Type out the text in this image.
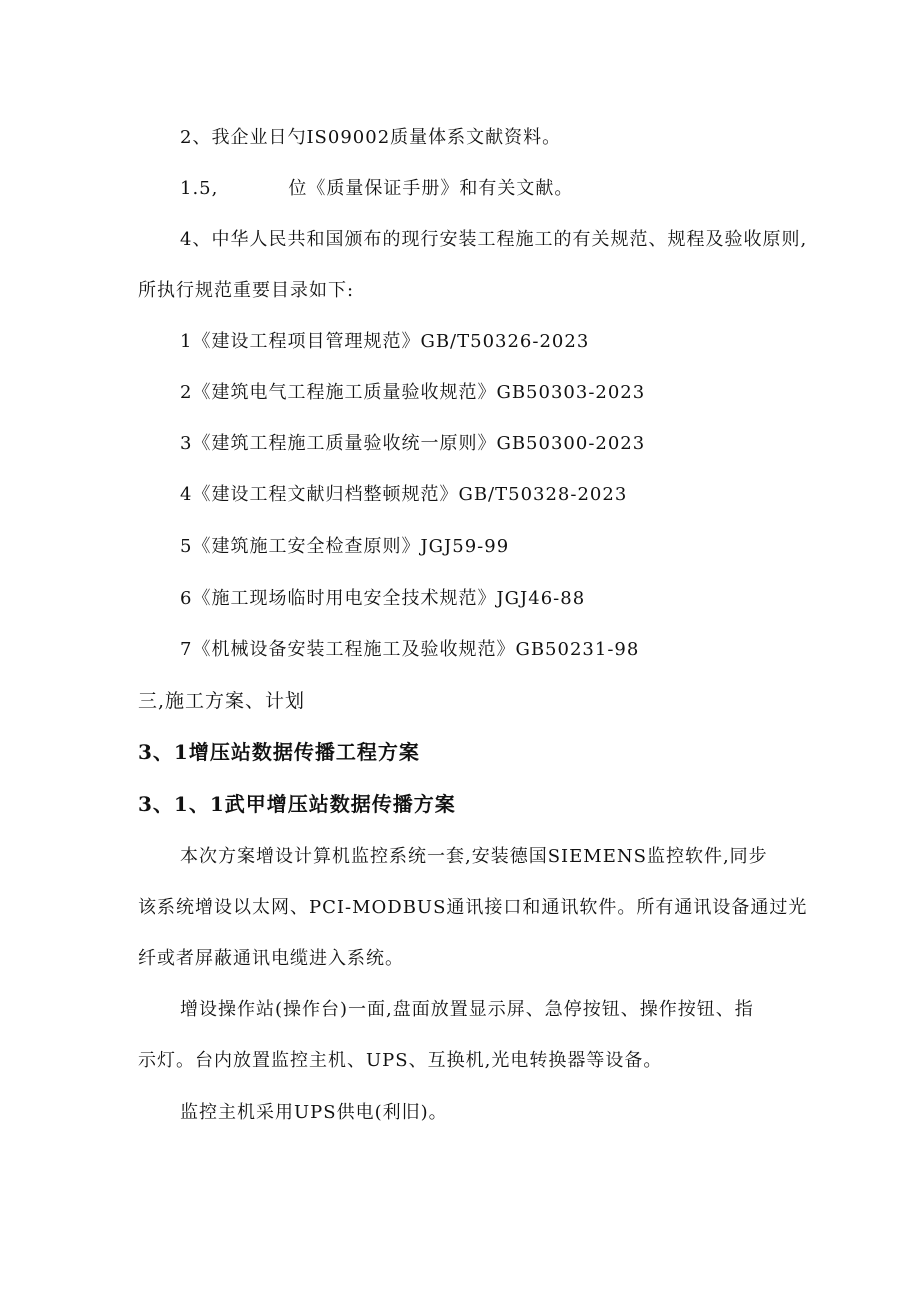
2、我企业日勺IS09002质量体系文献资料。
1.5,	位《质量保证手册》和有关文献。
4、中华人民共和国颁布的现行安装工程施工的有关规范、规程及验收原则,
所执行规范重要目录如下:
1《建设工程项目管理规范》GB/T50326-2023
2《建筑电气工程施工质量验收规范》GB50303-2023
3《建筑工程施工质量验收统一原则》GB50300-2023
4《建设工程文献归档整顿规范》GB/T50328-2023
5《建筑施工安全检查原则》JGJ59-99
6《施工现场临时用电安全技术规范》JGJ46-88
7《机械设备安装工程施工及验收规范》GB50231-98
三,施工方案、计划
3、1增压站数据传播工程方案
3、1、1武甲增压站数据传播方案
本次方案增设计算机监控系统一套,安装德国SIEMENS监控软件,同步
该系统增设以太网、PCI-MODBUS通讯接口和通讯软件。所有通讯设备通过光
纤或者屏蔽通讯电缆进入系统。
增设操作站(操作台)一面,盘面放置显示屏、急停按钮、操作按钮、指
示灯。台内放置监控主机、UPS、互换机,光电转换器等设备。
监控主机采用UPS供电(利旧)。
